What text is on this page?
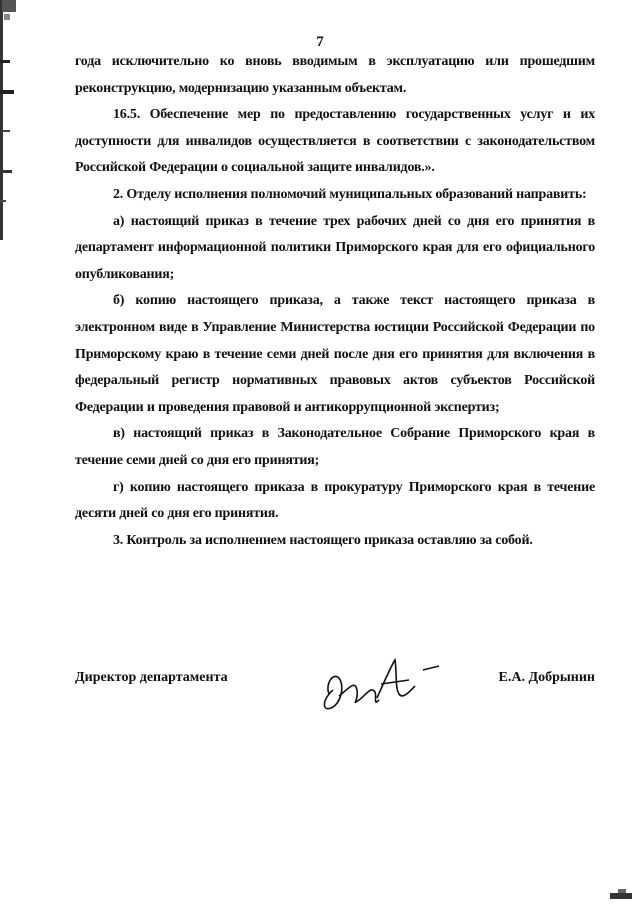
7

года исключительно ко вновь вводимым в эксплуатацию или прошедшим реконструкцию, модернизацию указанным объектам.

16.5. Обеспечение мер по предоставлению государственных услуг и их доступности для инвалидов осуществляется в соответствии с законодательством Российской Федерации о социальной защите инвалидов.».

2. Отделу исполнения полномочий муниципальных образований направить:

а) настоящий приказ в течение трех рабочих дней со дня его принятия в департамент информационной политики Приморского края для его официального опубликования;

б) копию настоящего приказа, а также текст настоящего приказа в электронном виде в Управление Министерства юстиции Российской Федерации по Приморскому краю в течение семи дней после дня его принятия для включения в федеральный регистр нормативных правовых актов субъектов Российской Федерации и проведения правовой и антикоррупционной экспертиз;

в) настоящий приказ в Законодательное Собрание Приморского края в течение семи дней со дня его принятия;

г) копию настоящего приказа в прокуратуру Приморского края в течение десяти дней со дня его принятия.

3. Контроль за исполнением настоящего приказа оставляю за собой.

Директор департамента	Е.А. Добрынин
